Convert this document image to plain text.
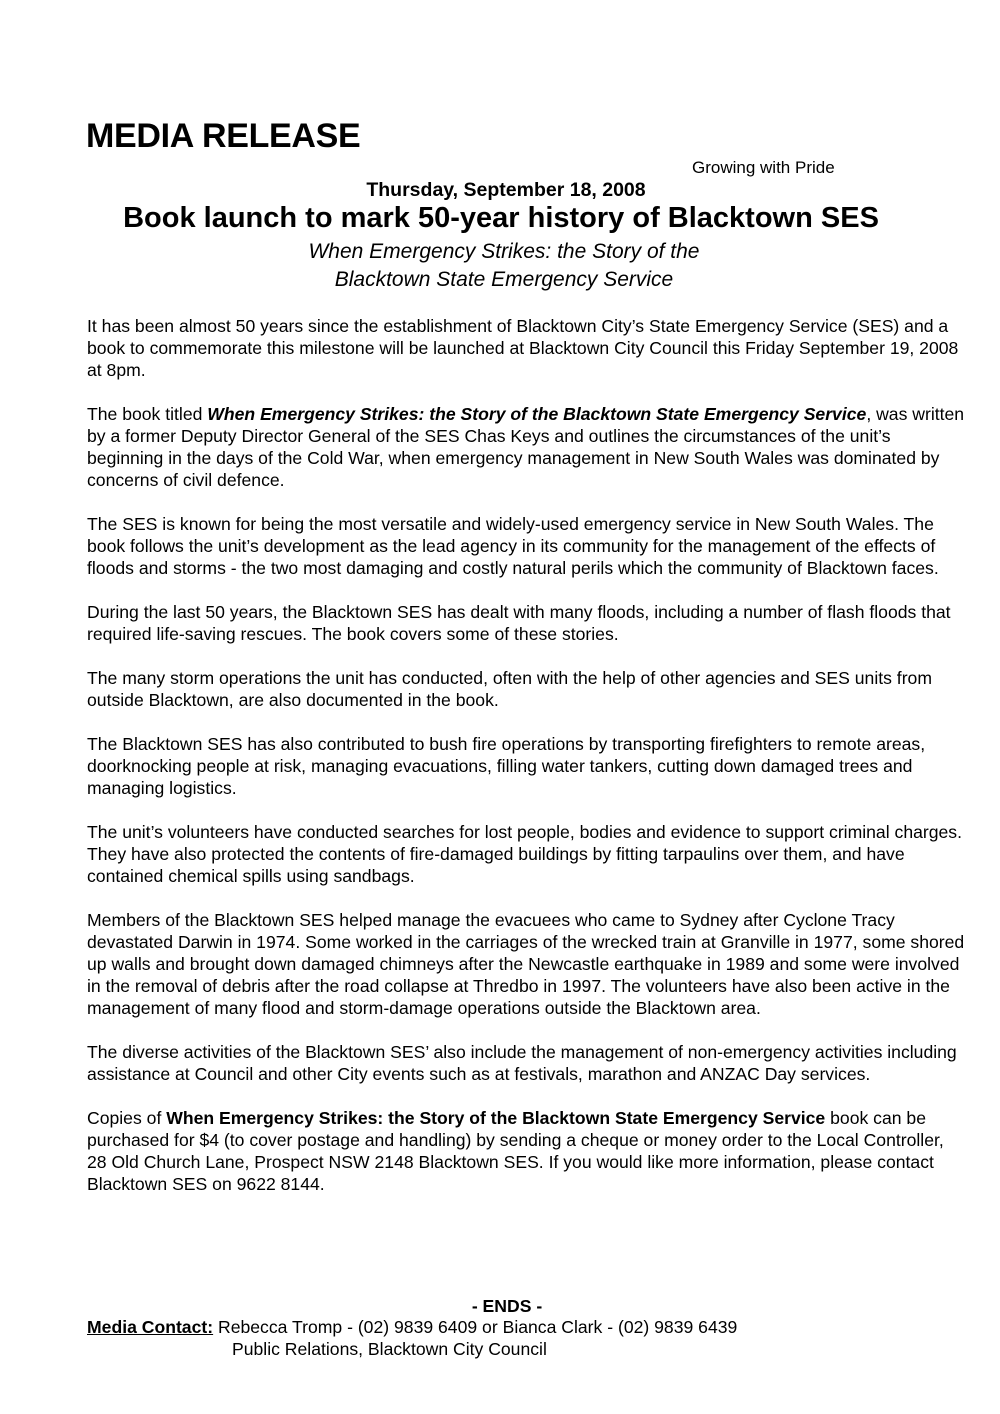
MEDIA RELEASE
Growing with Pride
Thursday, September 18, 2008
Book launch to mark 50-year history of Blacktown SES
When Emergency Strikes: the Story of the
Blacktown State Emergency Service

It has been almost 50 years since the establishment of Blacktown City’s State Emergency Service (SES) and a book to commemorate this milestone will be launched at Blacktown City Council this Friday September 19, 2008 at 8pm.

The book titled When Emergency Strikes: the Story of the Blacktown State Emergency Service, was written by a former Deputy Director General of the SES Chas Keys and outlines the circumstances of the unit’s beginning in the days of the Cold War, when emergency management in New South Wales was dominated by concerns of civil defence.

The SES is known for being the most versatile and widely-used emergency service in New South Wales. The book follows the unit’s development as the lead agency in its community for the management of the effects of floods and storms - the two most damaging and costly natural perils which the community of Blacktown faces.

During the last 50 years, the Blacktown SES has dealt with many floods, including a number of flash floods that required life-saving rescues. The book covers some of these stories.

The many storm operations the unit has conducted, often with the help of other agencies and SES units from outside Blacktown, are also documented in the book.

The Blacktown SES has also contributed to bush fire operations by transporting firefighters to remote areas, doorknocking people at risk, managing evacuations, filling water tankers, cutting down damaged trees and managing logistics.

The unit’s volunteers have conducted searches for lost people, bodies and evidence to support criminal charges. They have also protected the contents of fire-damaged buildings by fitting tarpaulins over them, and have contained chemical spills using sandbags.

Members of the Blacktown SES helped manage the evacuees who came to Sydney after Cyclone Tracy devastated Darwin in 1974. Some worked in the carriages of the wrecked train at Granville in 1977, some shored up walls and brought down damaged chimneys after the Newcastle earthquake in 1989 and some were involved in the removal of debris after the road collapse at Thredbo in 1997. The volunteers have also been active in the management of many flood and storm-damage operations outside the Blacktown area.

The diverse activities of the Blacktown SES’ also include the management of non-emergency activities including assistance at Council and other City events such as at festivals, marathon and ANZAC Day services.

Copies of When Emergency Strikes: the Story of the Blacktown State Emergency Service book can be purchased for $4 (to cover postage and handling) by sending a cheque or money order to the Local Controller, 28 Old Church Lane, Prospect NSW 2148 Blacktown SES. If you would like more information, please contact Blacktown SES on 9622 8144.

- ENDS -
Media Contact: Rebecca Tromp - (02) 9839 6409 or Bianca Clark - (02) 9839 6439
Public Relations, Blacktown City Council
